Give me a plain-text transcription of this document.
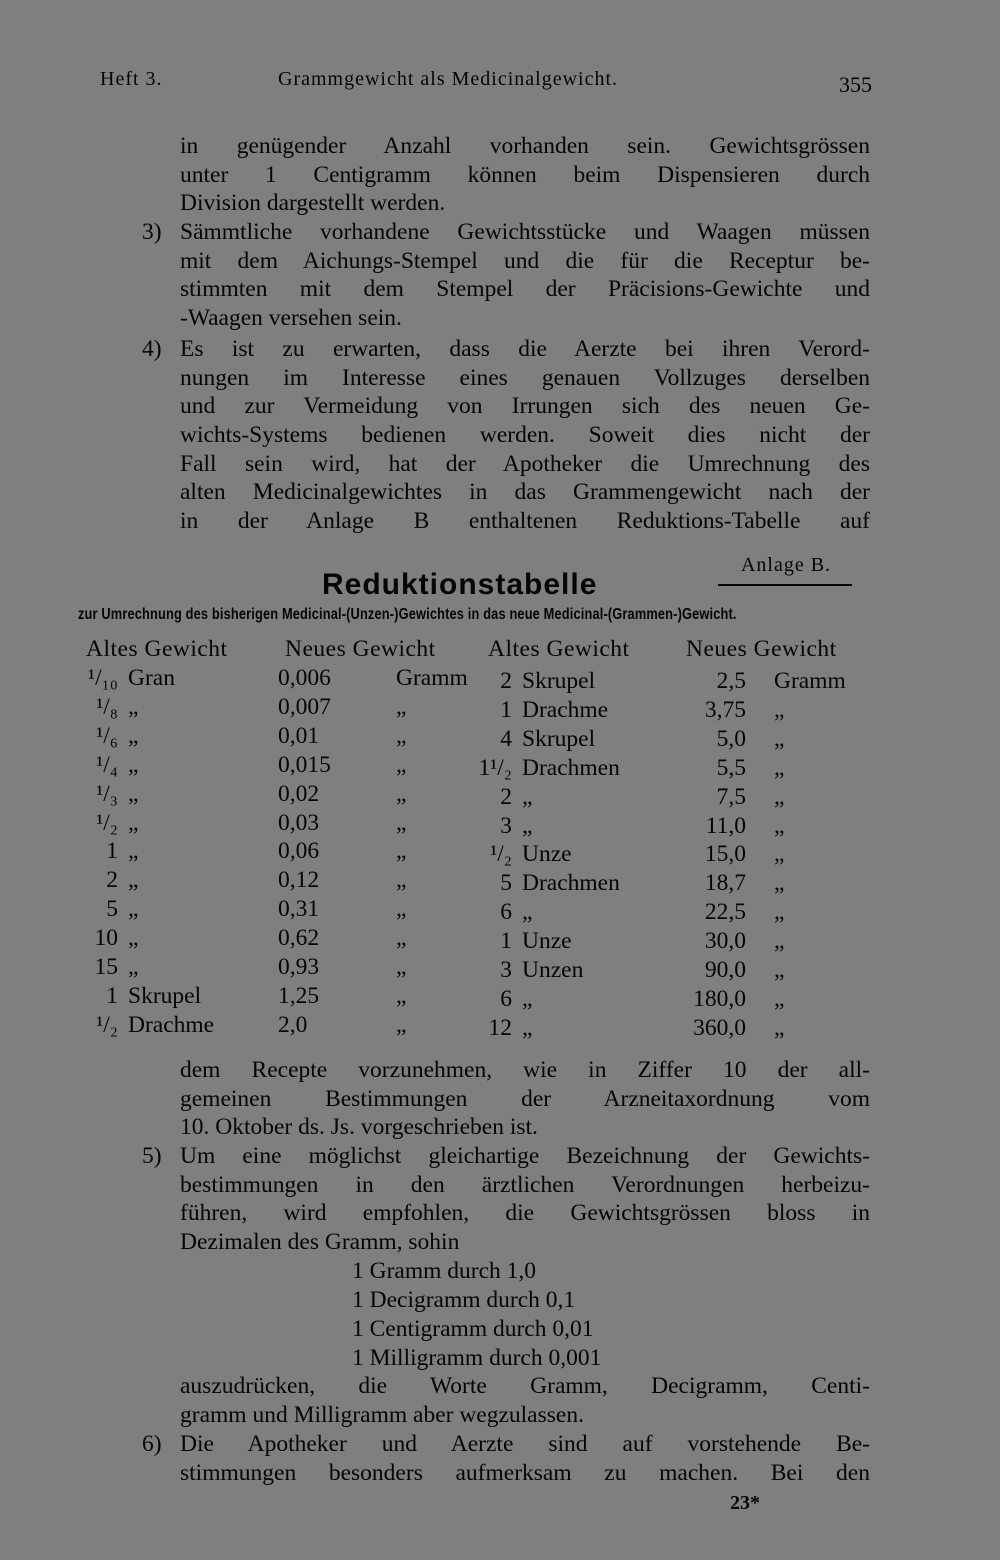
Heft 3.	Grammgewicht als Medicinalgewicht.	355
in genügender Anzahl vorhanden sein. Gewichtsgrössen
unter 1 Centigramm können beim Dispensieren durch
Division dargestellt werden.
3) Sämmtliche vorhandene Gewichtsstücke und Waagen müssen
mit dem Aichungs-Stempel und die für die Receptur be-
stimmten mit dem Stempel der Präcisions-Gewichte und
-Waagen versehen sein.
4) Es ist zu erwarten, dass die Aerzte bei ihren Verord-
nungen im Interesse eines genauen Vollzuges derselben
und zur Vermeidung von Irrungen sich des neuen Ge-
wichts-Systems bedienen werden. Soweit dies nicht der
Fall sein wird, hat der Apotheker die Umrechnung des
alten Medicinalgewichtes in das Grammengewicht nach der
in der Anlage B enthaltenen Reduktions-Tabelle auf
Anlage B.
Reduktionstabelle
zur Umrechnung des bisherigen Medicinal-(Unzen-)Gewichtes in das neue Medicinal-(Grammen-)Gewicht.
Altes Gewicht Neues Gewicht Altes Gewicht Neues Gewicht
¹/₁₀ Gran	0,006	Gramm	2 Skrupel	2,5 Gramm
¹/₈ „	0,007	„	1 Drachme	3,75 „
¹/₆ „	0,01	„	4 Skrupel	5,0 „
¹/₄ „	0,015	„	1¹/₂ Drachmen	5,5 „
¹/₃ „	0,02	„	2 „	7,5 „
¹/₂ „	0,03	„	3 „	11,0 „
1 „	0,06	„	¹/₂ Unze	15,0 „
2 „	0,12	„	5 Drachmen	18,7 „
5 „	0,31	„	6 „	22,5 „
10 „	0,62	„	1 Unze	30,0 „
15 „	0,93	„	3 Unzen	90,0 „
1 Skrupel	1,25	„	6 „	180,0 „
¹/₂ Drachme	2,0	„	12 „	360,0 „
dem Recepte vorzunehmen, wie in Ziffer 10 der all-
gemeinen Bestimmungen der Arzneitaxordnung vom
10. Oktober ds. Js. vorgeschrieben ist.
5) Um eine möglichst gleichartige Bezeichnung der Gewichts-
bestimmungen in den ärztlichen Verordnungen herbeizu-
führen, wird empfohlen, die Gewichtsgrössen bloss in
Dezimalen des Gramm, sohin
1 Gramm durch 1,0
1 Decigramm durch 0,1
1 Centigramm durch 0,01
1 Milligramm durch 0,001
auszudrücken, die Worte Gramm, Decigramm, Centi-
gramm und Milligramm aber wegzulassen.
6) Die Apotheker und Aerzte sind auf vorstehende Be-
stimmungen besonders aufmerksam zu machen. Bei den
23*
